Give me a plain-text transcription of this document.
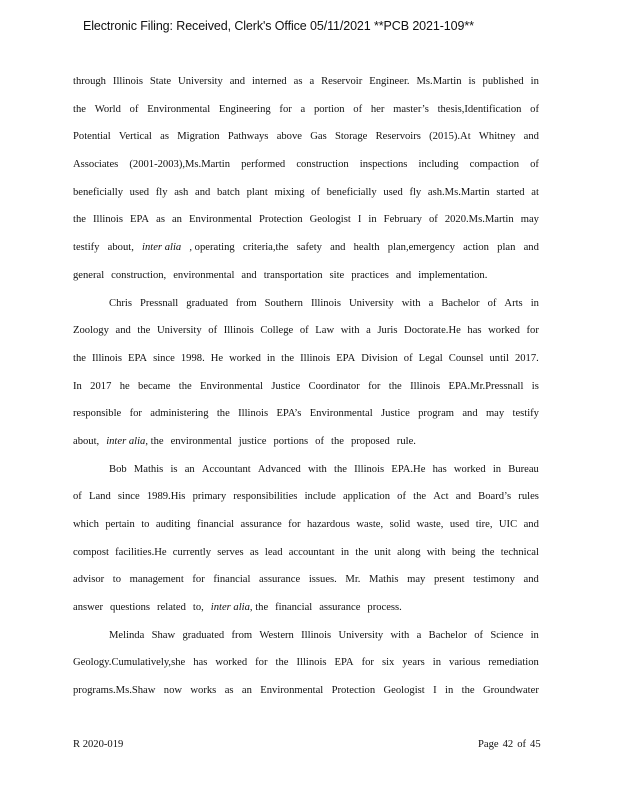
Electronic Filing: Received, Clerk's Office 05/11/2021 **PCB 2021-109**
through Illinois State University and interned as a Reservoir Engineer. Ms.Martin is published in
the World of Environmental Engineering for a portion of her master’s thesis,Identification of
Potential Vertical as Migration Pathways above Gas Storage Reservoirs (2015).At Whitney and
Associates (2001-2003),Ms.Martin performed construction inspections including compaction of
beneficially used fly ash and batch plant mixing of beneficially used fly ash.Ms.Martin started at
the Illinois EPA as an Environmental Protection Geologist I in February of 2020.Ms.Martin may
testify about, inter alia , operating criteria,the safety and health plan,emergency action plan and
general construction, environmental and transportation site practices and implementation.
Chris Pressnall graduated from Southern Illinois University with a Bachelor of Arts in
Zoology and the University of Illinois College of Law with a Juris Doctorate.He has worked for
the Illinois EPA since 1998. He worked in the Illinois EPA Division of Legal Counsel until 2017.
In 2017 he became the Environmental Justice Coordinator for the Illinois EPA.Mr.Pressnall is
responsible for administering the Illinois EPA’s Environmental Justice program and may testify
about, inter alia , the environmental justice portions of the proposed rule.
Bob Mathis is an Accountant Advanced with the Illinois EPA.He has worked in Bureau
of Land since 1989.His primary responsibilities include application of the Act and Board’s rules
which pertain to auditing financial assurance for hazardous waste, solid waste, used tire, UIC and
compost facilities.He currently serves as lead accountant in the unit along with being the technical
advisor to management for financial assurance issues. Mr. Mathis may present testimony and
answer questions related to, inter alia , the financial assurance process.
Melinda Shaw graduated from Western Illinois University with a Bachelor of Science in
Geology.Cumulatively,she has worked for the Illinois EPA for six years in various remediation
programs.Ms.Shaw now works as an Environmental Protection Geologist I in the Groundwater
R 2020-019	Page 42 of 45
